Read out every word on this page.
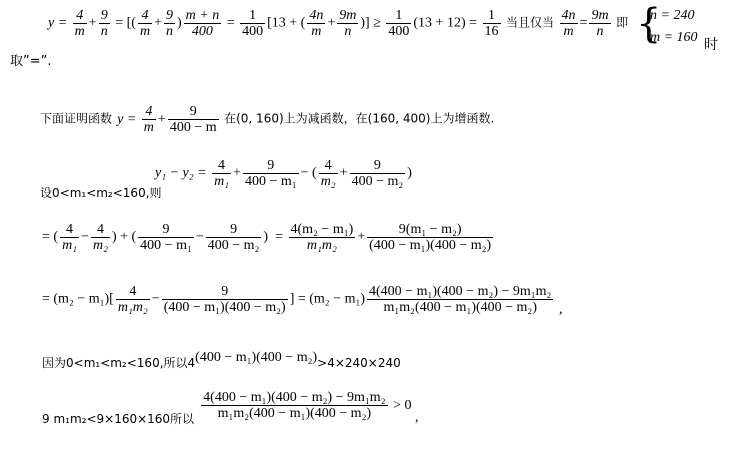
$y = \frac{4}{m} + \frac{9}{n}$ = [( $\frac{4}{m} + \frac{9}{n}$ ) $\frac{m + n}{400} = \frac{1}{400} [13$ + ( $\frac{4n}{m} + \frac{9m}{n}$ )] ≥ $\frac{1}{400} (13 + 12) = \frac{1}{16}$ 当且仅当 $\frac{4n}{m} = \frac{9m}{n}$ 即 {
n = 240
m = 160 时
取”=”.
下面证明函数 $y = \frac{4}{m} + \frac{9}{400 - m}$ 在(0, 160)上为减函数，在(160, 400)上为增函数.
$y_1 - y_2 = \frac{4}{\text{m₁}} + \frac{9}{\text{400 − m₁}}$ − ( $\frac{4}{\text{m₂}} + \frac{9}{\text{400 − m₂}}$ )
设0<m₁<m₂<160,则
= ( $\frac{4}{\text{m₁}} - \frac{4}{\text{m₂}}$ ) + ( $\frac{9}{\text{400 − m₁}} - \frac{9}{\text{400 − m₂}}$ ) = $\frac{\text{4(m₂ − m₁)}}{\text{m₁m₂}} + \frac{\text{9(m₁ − m₂)}}{\text{(400 − m₁)(400 − m₂)}}$
= $(m_2 - m_1)[ \frac{4}{\text{m₁m₂}} - \frac{9}{\text{(400 − m₁)(400 − m₂)}}$ ] = $(m_2 - m_1) \frac{\text{4(400 − m₁)(400 − m₂) − 9m₁m₂}}{\text{m₁m₂(400 − m₁)(400 − m₂)}}$ ,
因为0<m₁<m₂<160,所以4(400 − m₁)(400 − m₂)>4×240×240
$_{9 m_1m_2<9\times 160\times 160所以} \frac{\text{4(400 − m₁)(400 − m₂) − 9m₁m₂}}{\text{m₁m₂(400 − m₁)(400 − m₂)}} > 0$ ,
